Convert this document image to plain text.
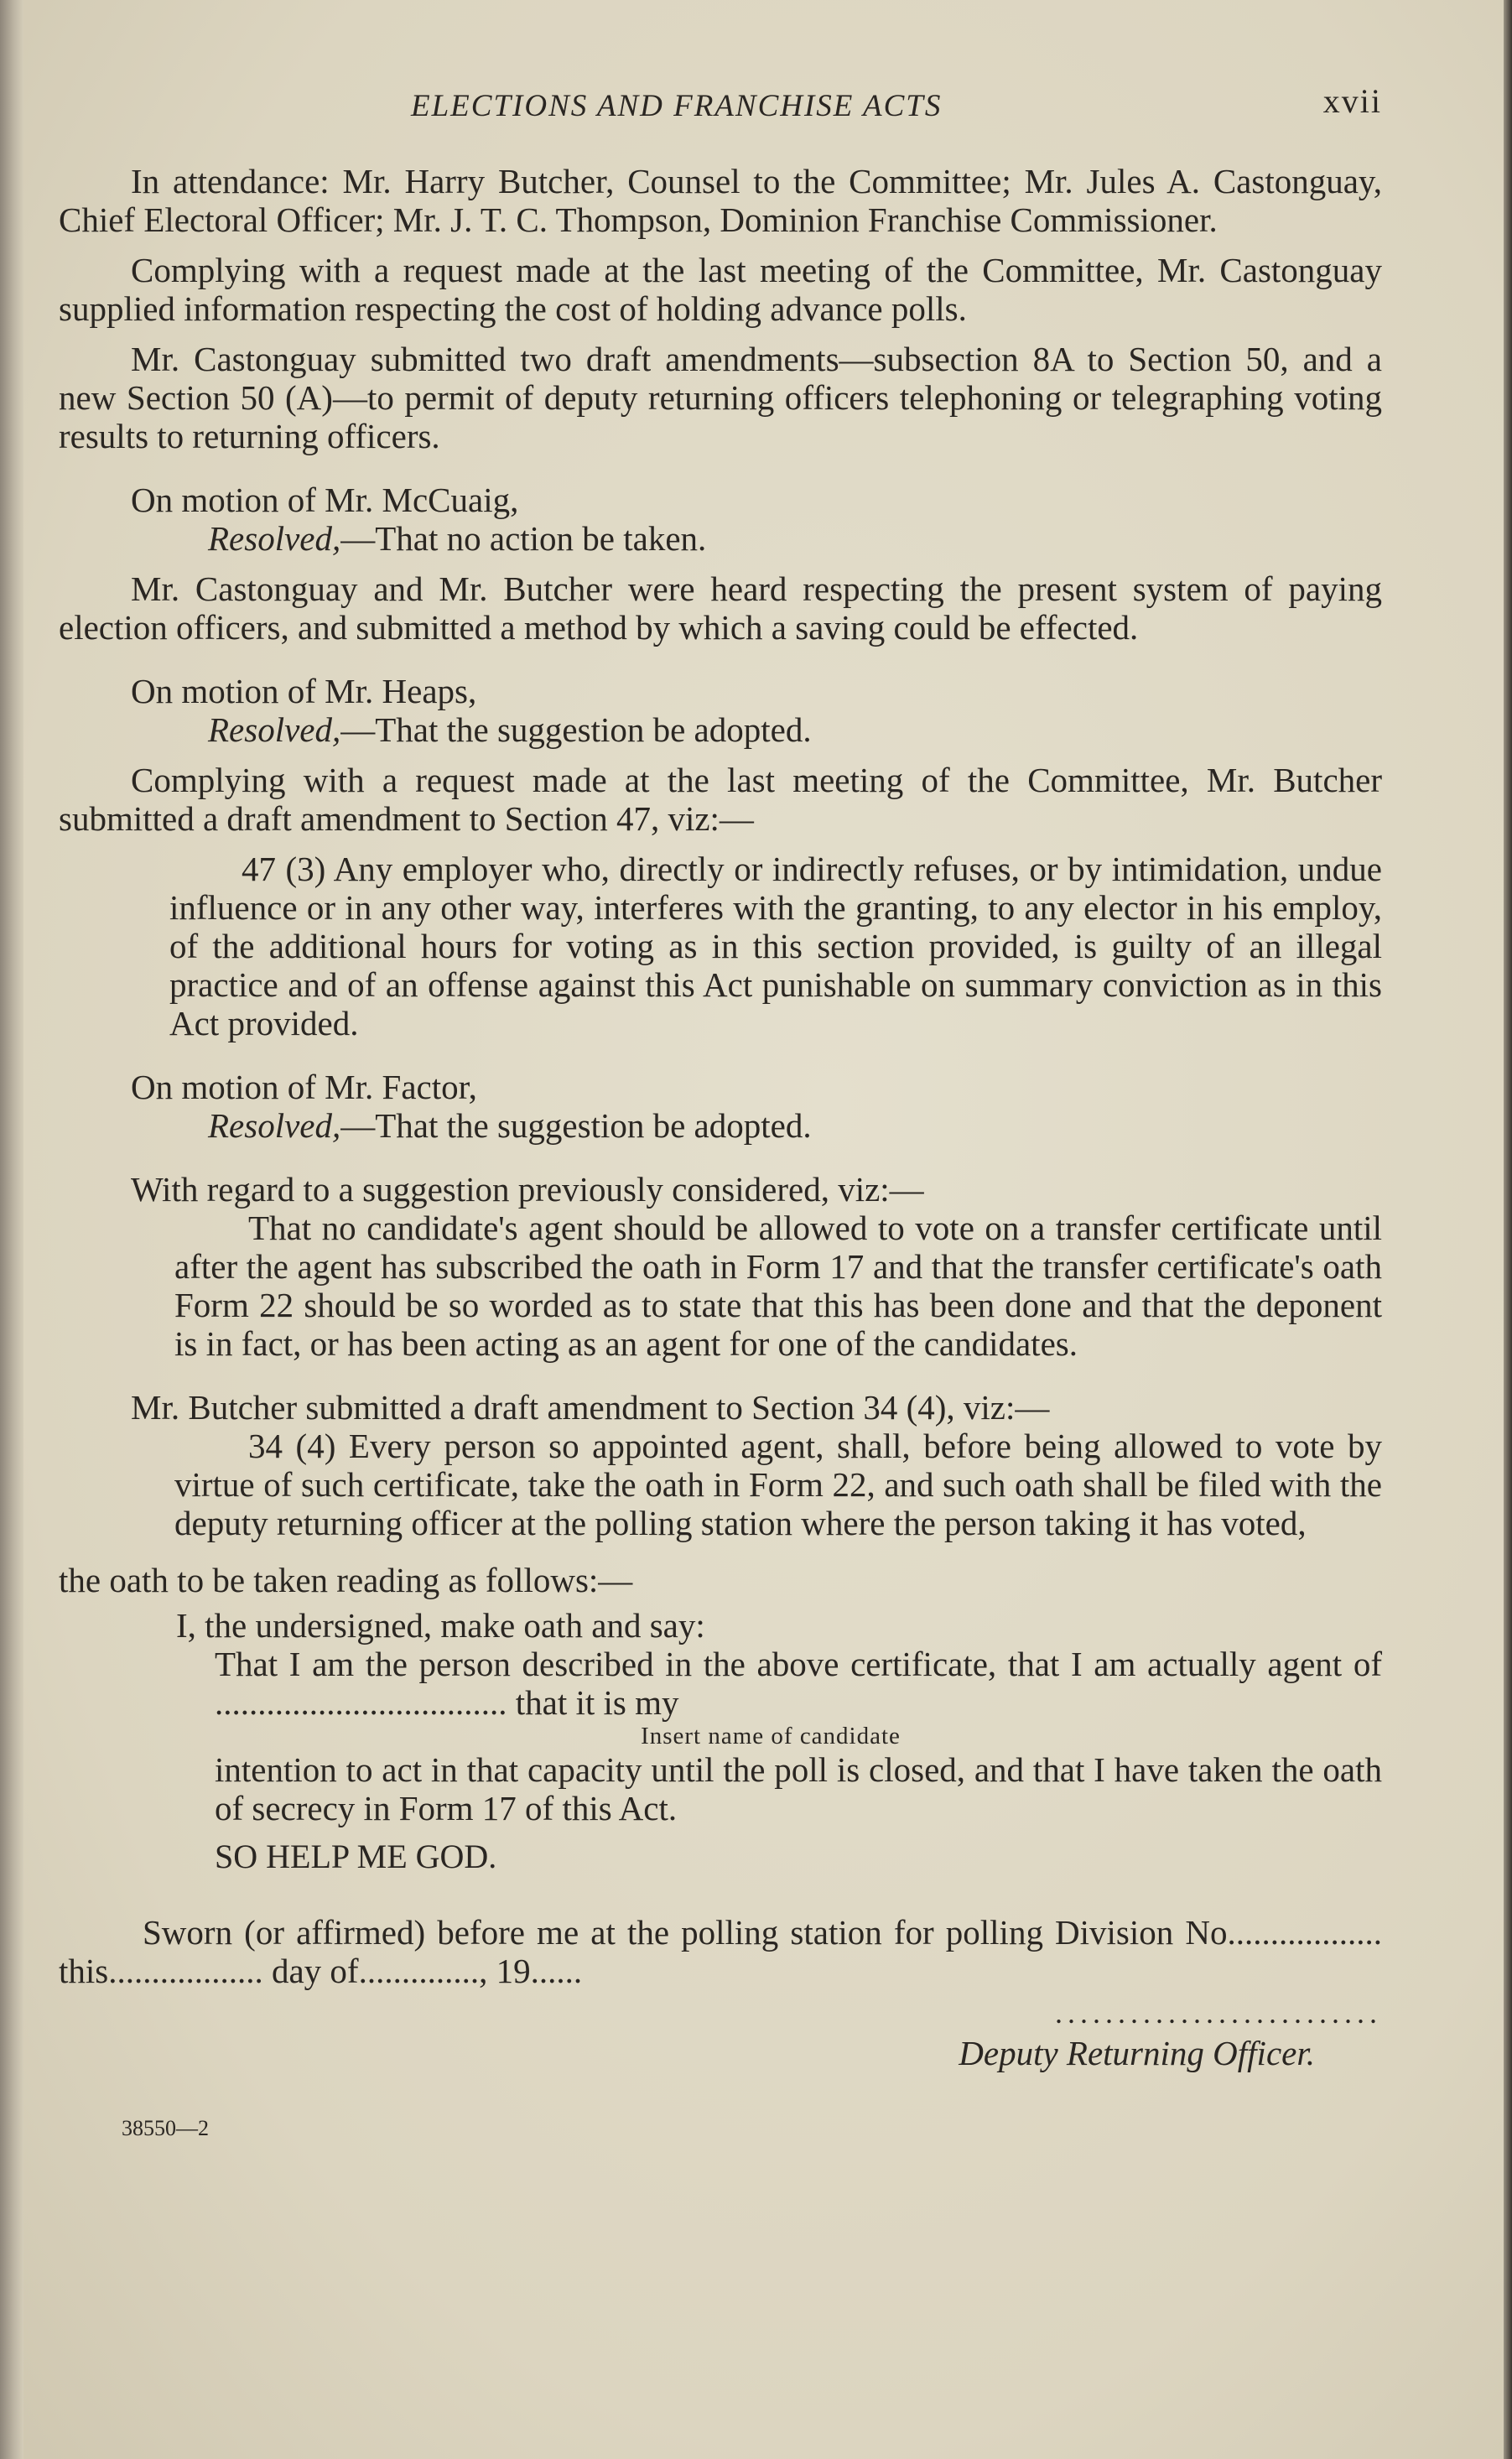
ELECTIONS AND FRANCHISE ACTS	xvii

In attendance: Mr. Harry Butcher, Counsel to the Committee; Mr. Jules A. Castonguay, Chief Electoral Officer; Mr. J. T. C. Thompson, Dominion Franchise Commissioner.

Complying with a request made at the last meeting of the Committee, Mr. Castonguay supplied information respecting the cost of holding advance polls.

Mr. Castonguay submitted two draft amendments—subsection 8A to Section 50, and a new Section 50 (A)—to permit of deputy returning officers telephoning or telegraphing voting results to returning officers.

On motion of Mr. McCuaig,

Resolved,—That no action be taken.

Mr. Castonguay and Mr. Butcher were heard respecting the present system of paying election officers, and submitted a method by which a saving could be effected.

On motion of Mr. Heaps,

Resolved,—That the suggestion be adopted.

Complying with a request made at the last meeting of the Committee, Mr. Butcher submitted a draft amendment to Section 47, viz:—

47 (3) Any employer who, directly or indirectly refuses, or by intimidation, undue influence or in any other way, interferes with the granting, to any elector in his employ, of the additional hours for voting as in this section provided, is guilty of an illegal practice and of an offense against this Act punishable on summary conviction as in this Act provided.

On motion of Mr. Factor,

Resolved,—That the suggestion be adopted.

With regard to a suggestion previously considered, viz:—

That no candidate's agent should be allowed to vote on a transfer certificate until after the agent has subscribed the oath in Form 17 and that the transfer certificate's oath Form 22 should be so worded as to state that this has been done and that the deponent is in fact, or has been acting as an agent for one of the candidates.

Mr. Butcher submitted a draft amendment to Section 34 (4), viz:—

34 (4) Every person so appointed agent, shall, before being allowed to vote by virtue of such certificate, take the oath in Form 22, and such oath shall be filed with the deputy returning officer at the polling station where the person taking it has voted,

the oath to be taken reading as follows:—

I, the undersigned, make oath and say:

That I am the person described in the above certificate, that I am actually agent of .................................. that it is my

Insert name of candidate

intention to act in that capacity until the poll is closed, and that I have taken the oath of secrecy in Form 17 of this Act.

SO HELP ME GOD.

Sworn (or affirmed) before me at the polling station for polling Division No.................. this.................. day of.............., 19......

..........................

Deputy Returning Officer.

38550—2
